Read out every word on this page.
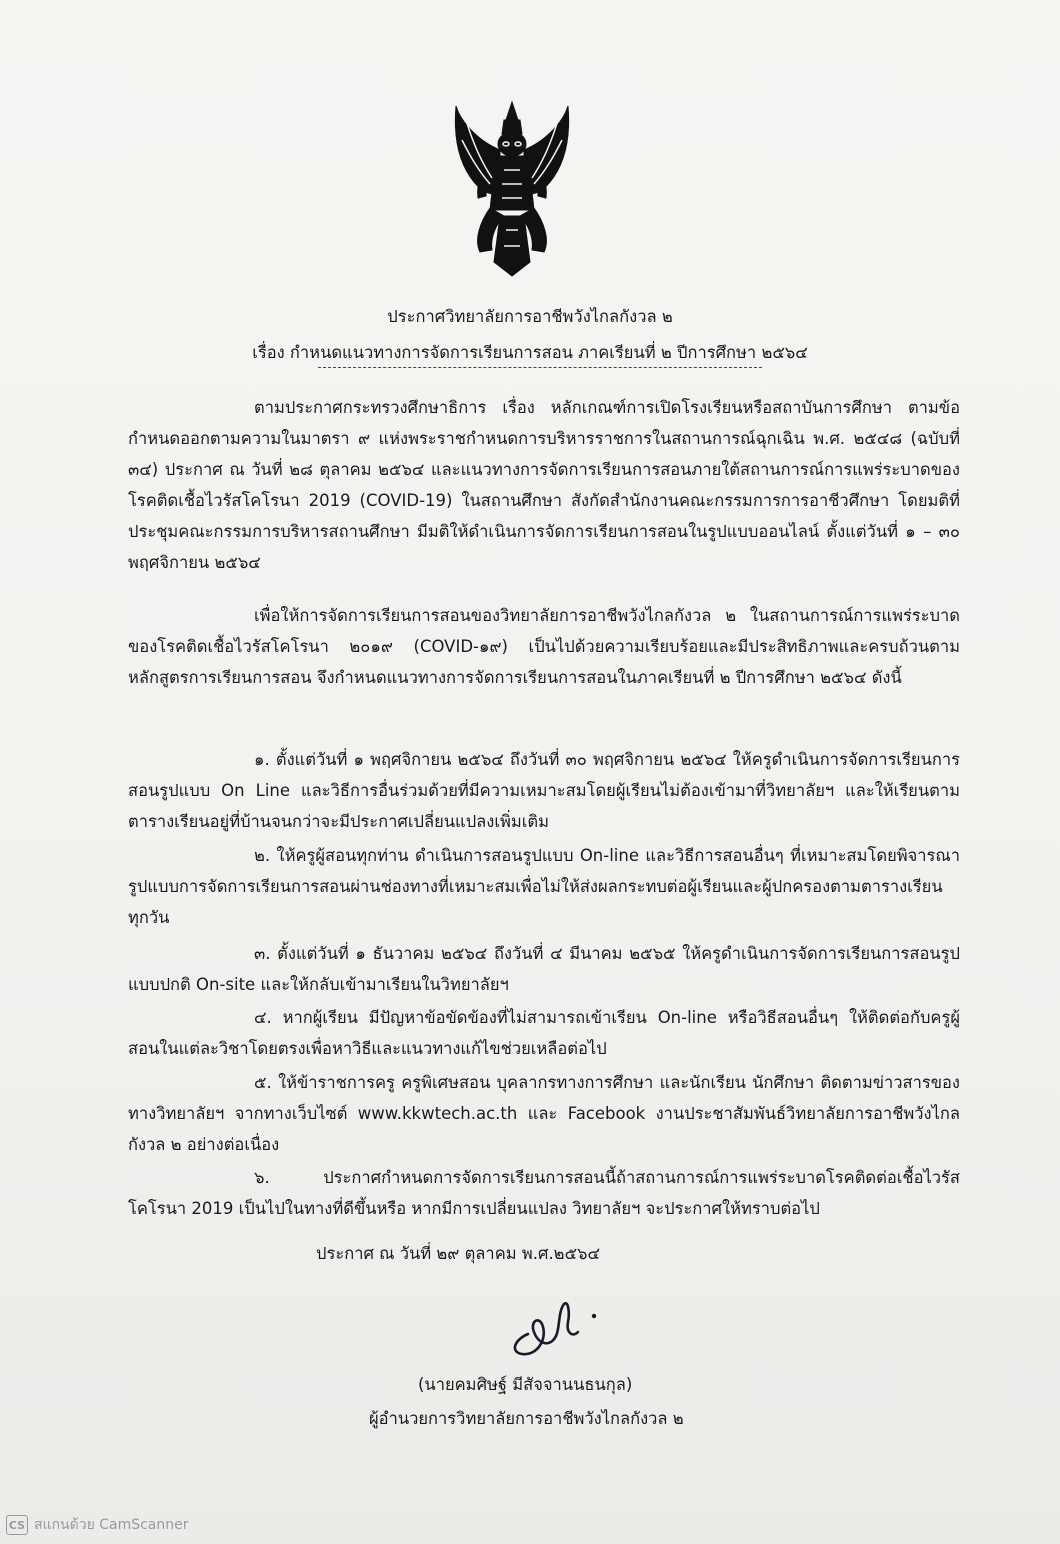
ประกาศวิทยาลัยการอาชีพวังไกลกังวล ๒
เรื่อง กำหนดแนวทางการจัดการเรียนการสอน ภาคเรียนที่ ๒ ปีการศึกษา ๒๕๖๔
ตามประกาศกระทรวงศึกษาธิการ เรื่อง หลักเกณฑ์การเปิดโรงเรียนหรือสถาบันการศึกษา ตามข้อกำหนดออกตามความในมาตรา ๙ แห่งพระราชกำหนดการบริหารราชการในสถานการณ์ฉุกเฉิน พ.ศ. ๒๕๔๘ (ฉบับที่ ๓๔) ประกาศ ณ วันที่ ๒๘ ตุลาคม ๒๕๖๔ และแนวทางการจัดการเรียนการสอนภายใต้สถานการณ์การแพร่ระบาดของโรคติดเชื้อไวรัสโคโรนา 2019 (COVID-19) ในสถานศึกษา สังกัดสำนักงานคณะกรรมการการอาชีวศึกษา โดยมติที่ประชุมคณะกรรมการบริหารสถานศึกษา มีมติให้ดำเนินการจัดการเรียนการสอนในรูปแบบออนไลน์ ตั้งแต่วันที่ ๑ – ๓๐ พฤศจิกายน ๒๕๖๔
เพื่อให้การจัดการเรียนการสอนของวิทยาลัยการอาชีพวังไกลกังวล ๒ ในสถานการณ์การแพร่ระบาดของโรคติดเชื้อไวรัสโคโรนา ๒๐๑๙ (COVID-๑๙) เป็นไปด้วยความเรียบร้อยและมีประสิทธิภาพและครบถ้วนตามหลักสูตรการเรียนการสอน จึงกำหนดแนวทางการจัดการเรียนการสอนในภาคเรียนที่ ๒ ปีการศึกษา ๒๕๖๔ ดังนี้
๑. ตั้งแต่วันที่ ๑ พฤศจิกายน ๒๕๖๔ ถึงวันที่ ๓๐ พฤศจิกายน ๒๕๖๔ ให้ครูดำเนินการจัดการเรียนการสอนรูปแบบ On Line และวิธีการอื่นร่วมด้วยที่มีความเหมาะสมโดยผู้เรียนไม่ต้องเข้ามาที่วิทยาลัยฯ และให้เรียนตามตารางเรียนอยู่ที่บ้านจนกว่าจะมีประกาศเปลี่ยนแปลงเพิ่มเติม
๒. ให้ครูผู้สอนทุกท่าน ดำเนินการสอนรูปแบบ On-line และวิธีการสอนอื่นๆ ที่เหมาะสมโดยพิจารณารูปแบบการจัดการเรียนการสอนผ่านช่องทางที่เหมาะสมเพื่อไม่ให้ส่งผลกระทบต่อผู้เรียนและผู้ปกครองตามตารางเรียนทุกวัน
๓. ตั้งแต่วันที่ ๑ ธันวาคม ๒๕๖๔ ถึงวันที่ ๔ มีนาคม ๒๕๖๕ ให้ครูดำเนินการจัดการเรียนการสอนรูปแบบปกติ On-site และให้กลับเข้ามาเรียนในวิทยาลัยฯ
๔. หากผู้เรียน มีปัญหาข้อขัดข้องที่ไม่สามารถเข้าเรียน On-line หรือวิธีสอนอื่นๆ ให้ติดต่อกับครูผู้สอนในแต่ละวิชาโดยตรงเพื่อหาวิธีและแนวทางแก้ไขช่วยเหลือต่อไป
๕. ให้ข้าราชการครู ครูพิเศษสอน บุคลากรทางการศึกษา และนักเรียน นักศึกษา ติดตามข่าวสารของทางวิทยาลัยฯ จากทางเว็บไซต์ www.kkwtech.ac.th และ Facebook งานประชาสัมพันธ์วิทยาลัยการอาชีพวังไกลกังวล ๒ อย่างต่อเนื่อง
๖. ประกาศกำหนดการจัดการเรียนการสอนนี้ถ้าสถานการณ์การแพร่ระบาดโรคติดต่อเชื้อไวรัสโคโรนา 2019 เป็นไปในทางที่ดีขึ้นหรือ หากมีการเปลี่ยนแปลง วิทยาลัยฯ จะประกาศให้ทราบต่อไป
ประกาศ ณ วันที่ ๒๙ ตุลาคม พ.ศ.๒๕๖๔
(นายคมศิษฐ์ มีสัจจานนธนกุล)
ผู้อำนวยการวิทยาลัยการอาชีพวังไกลกังวล ๒
CS สแกนด้วย CamScanner
